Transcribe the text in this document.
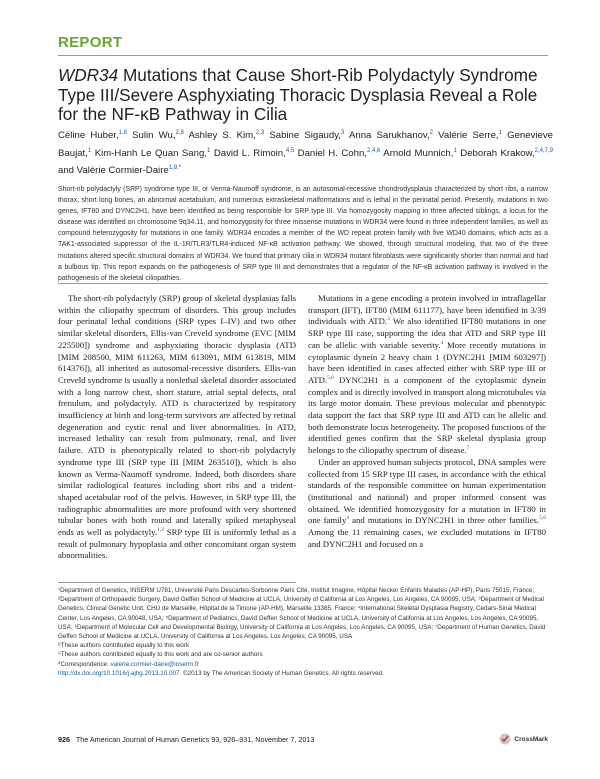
REPORT
WDR34 Mutations that Cause Short-Rib Polydactyly Syndrome Type III/Severe Asphyxiating Thoracic Dysplasia Reveal a Role for the NF-κB Pathway in Cilia
Céline Huber,$^{1,8}$ Sulin Wu,$^{2,8}$ Ashley S. Kim,$^{2,3}$ Sabine Sigaudy,$^3$ Anna Sarukhanov,$^2$ Valérie Serre,$^1$ Genevieve Baujat,$^1$ Kim-Hanh Le Quan Sang,$^1$ David L. Rimoin,$^{4,5}$ Daniel H. Cohn,$^{2,4,6}$ Arnold Munnich,$^1$ Deborah Krakow,$^{2,4,7,9}$ and Valérie Cormier-Daire$^{1,9,*}$
Short-rib polydactyly (SRP) syndrome type III, or Verma-Naumoff syndrome, is an autosomal-recessive chondrodysplasia characterized by short ribs, a narrow thorax, short long bones, an abnormal acetabulum, and numerous extraskeletal malformations and is lethal in the perinatal period. Presently, mutations in two genes, IFT80 and DYNC2H1, have been identified as being responsible for SRP type III. Via homozygosity mapping in three affected siblings, a locus for the disease was identified on chromosome 9q34.11, and homozygosity for three missense mutations in WDR34 were found in three independent families, as well as compound heterozygosity for mutations in one family. WDR34 encodes a member of the WD repeat protein family with five WD40 domains, which acts as a TAK1-associated suppressor of the IL-1R/TLR3/TLR4-induced NF-κB activation pathway. We showed, through structural modeling, that two of the three mutations altered specific structural domains of WDR34. We found that primary cilia in WDR34 mutant fibroblasts were significantly shorter than normal and had a bulbous tip. This report expands on the pathogenesis of SRP type III and demonstrates that a regulator of the NF-κB activation pathway is involved in the pathogenesis of the skeletal ciliopathies.

The short-rib polydactyly (SRP) group of skeletal dysplasias falls within the ciliopathy spectrum of disorders. This group includes four perinatal lethal conditions (SRP types I–IV) and two other similar skeletal disorders, Ellis-van Creveld syndrome (EVC [MIM 225500]) syndrome and asphyxiating thoracic dysplasia (ATD [MIM 208500, MIM 611263, MIM 613091, MIM 613819, MIM 614376]), all inherited as autosomal-recessive disorders. Ellis-van Creveld syndrome is usually a nonlethal skeletal disorder associated with a long narrow chest, short stature, atrial septal defects, oral frenulum, and polydactyly. ATD is characterized by respiratory insufficiency at birth and long-term survivors are affected by retinal degeneration and cystic renal and liver abnormalities. In ATD, increased lethality can result from pulmonary, renal, and liver failure. ATD is phenotypically related to short-rib polydactyly syndrome type III (SRP type III [MIM 263510]), which is also known as Verma-Naumoff syndrome. Indeed, both disorders share similar radiological features including short ribs and a trident-shaped acetabular roof of the pelvis. However, in SRP type III, the radiographic abnormalities are more profound with very shortened tubular bones with both round and laterally spiked metaphyseal ends as well as polydactyly.$^{1,2}$ SRP type III is uniformly lethal as a result of pulmonary hypoplasia and other concomitant organ system abnormalities.

Mutations in a gene encoding a protein involved in intraflagellar transport (IFT), IFT80 (MIM 611177), have been identified in 3/39 individuals with ATD.$^3$ We also identified IFT80 mutations in one SRP type III case, supporting the idea that ATD and SRP type III can be allelic with variable severity.$^4$ More recently mutations in cytoplasmic dynein 2 heavy chain 1 (DYNC2H1 [MIM 603297]) have been identified in cases affected either with SRP type III or ATD.$^{5,6}$ DYNC2H1 is a component of the cytoplasmic dynein complex and is directly involved in transport along microtubules via its large motor domain. These previous molecular and phenotypic data support the fact that SRP type III and ATD can be allelic and both demonstrate locus heterogeneity. The proposed functions of the identified genes confirm that the SRP skeletal dysplasia group belongs to the ciliopathy spectrum of disease.$^7$

Under an approved human subjects protocol, DNA samples were collected from 15 SRP type III cases, in accordance with the ethical standards of the responsible committee on human experimentation (institutional and national) and proper informed consent was obtained. We identified homozygosity for a mutation in IFT80 in one family$^4$ and mutations in DYNC2H1 in three other families.$^{5,6}$ Among the 11 remaining cases, we excluded mutations in IFT80 and DYNC2H1 and focused on a

¹Department of Genetics, INSERM U781, Université Paris Descartes-Sorbonne Paris Cité, Institut Imagine, Hôpital Necker Enfants Malades (AP-HP), Paris 75015, France; ²Department of Orthopaedic Surgery, David Geffen School of Medicine at UCLA, University of California at Los Angeles, Los Angeles, CA 90095, USA; ³Department of Medical Genetics, Clinical Genetic Unit, CHU de Marseille, Hôpital de la Timone (AP-HM), Marseille 13385, France; ⁴International Skeletal Dysplasia Registry, Cedars-Sinai Medical Center, Los Angeles, CA 90048, USA; ⁵Department of Pediatrics, David Geffen School of Medicine at UCLA, University of California at Los Angeles, Los Angeles, CA 90095, USA; ⁶Department of Molecular Cell and Developmental Biology, University of California at Los Angeles, Los Angeles, CA 90095, USA; ⁷Department of Human Genetics, David Geffen School of Medicine at UCLA, University of California at Los Angeles, Los Angeles, CA 90095, USA

⁸These authors contributed equally to this work

⁹These authors contributed equally to this work and are co-senior authors

*Correspondence: valerie.cormier-daire@inserm.fr

http://dx.doi.org/10.1016/j.ajhg.2013.10.007. ©2013 by The American Society of Human Genetics. All rights reserved.

926 The American Journal of Human Genetics 93, 926–931, November 7, 2013	CrossMark
